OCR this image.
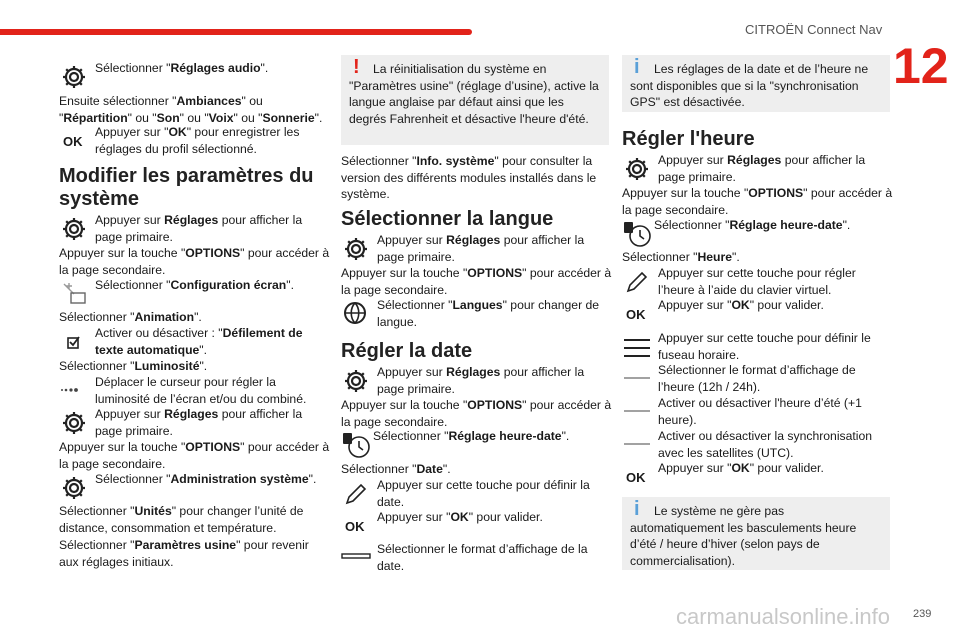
CITROËN Connect Nav
12
Sélectionner "Réglages audio".
Ensuite sélectionner "Ambiances" ou "Répartition" ou "Son" ou "Voix" ou "Sonnerie".
OK
Appuyer sur "OK" pour enregistrer les réglages du profil sélectionné.
Modifier les paramètres du système
Appuyer sur Réglages pour afficher la page primaire.
Appuyer sur la touche "OPTIONS" pour accéder à la page secondaire.
Sélectionner "Configuration écran".
Sélectionner "Animation".
Activer ou désactiver : "Défilement de texte automatique".
Sélectionner "Luminosité".
Déplacer le curseur pour régler la luminosité de l’écran et/ou du combiné.
Appuyer sur Réglages pour afficher la page primaire.
Appuyer sur la touche "OPTIONS" pour accéder à la page secondaire.
Sélectionner "Administration système".
Sélectionner "Unités" pour changer l’unité de distance, consommation et température.
Sélectionner "Paramètres usine" pour revenir aux réglages initiaux.
!	La réinitialisation du système en "Paramètres usine" (réglage d’usine), active la langue anglaise par défaut ainsi que les degrés Fahrenheit et désactive l'heure d'été.
Sélectionner "Info. système" pour consulter la version des différents modules installés dans le système.
Sélectionner la langue
Appuyer sur Réglages pour afficher la page primaire.
Appuyer sur la touche "OPTIONS" pour accéder à la page secondaire.
Sélectionner "Langues" pour changer de langue.
Régler la date
Appuyer sur Réglages pour afficher la page primaire.
Appuyer sur la touche "OPTIONS" pour accéder à la page secondaire.
Sélectionner "Réglage heure-date".
Sélectionner "Date".
Appuyer sur cette touche pour définir la date.
OK
Appuyer sur "OK" pour valider.
Sélectionner le format d’affichage de la date.
i	Les réglages de la date et de l’heure ne sont disponibles que si la "synchronisation GPS" est désactivée.
Régler l'heure
Appuyer sur Réglages pour afficher la page primaire.
Appuyer sur la touche "OPTIONS" pour accéder à la page secondaire.
Sélectionner "Réglage heure-date".
Sélectionner "Heure".
Appuyer sur cette touche pour régler l’heure à l’aide du clavier virtuel.
OK
Appuyer sur "OK" pour valider.
Appuyer sur cette touche pour définir le fuseau horaire.
Sélectionner le format d’affichage de l’heure (12h / 24h).
Activer ou désactiver l'heure d’été (+1 heure).
Activer ou désactiver la synchronisation avec les satellites (UTC).
OK
Appuyer sur "OK" pour valider.
i	Le système ne gère pas automatiquement les basculements heure d’été / heure d’hiver (selon pays de commercialisation).
carmanualsonline.info 239
